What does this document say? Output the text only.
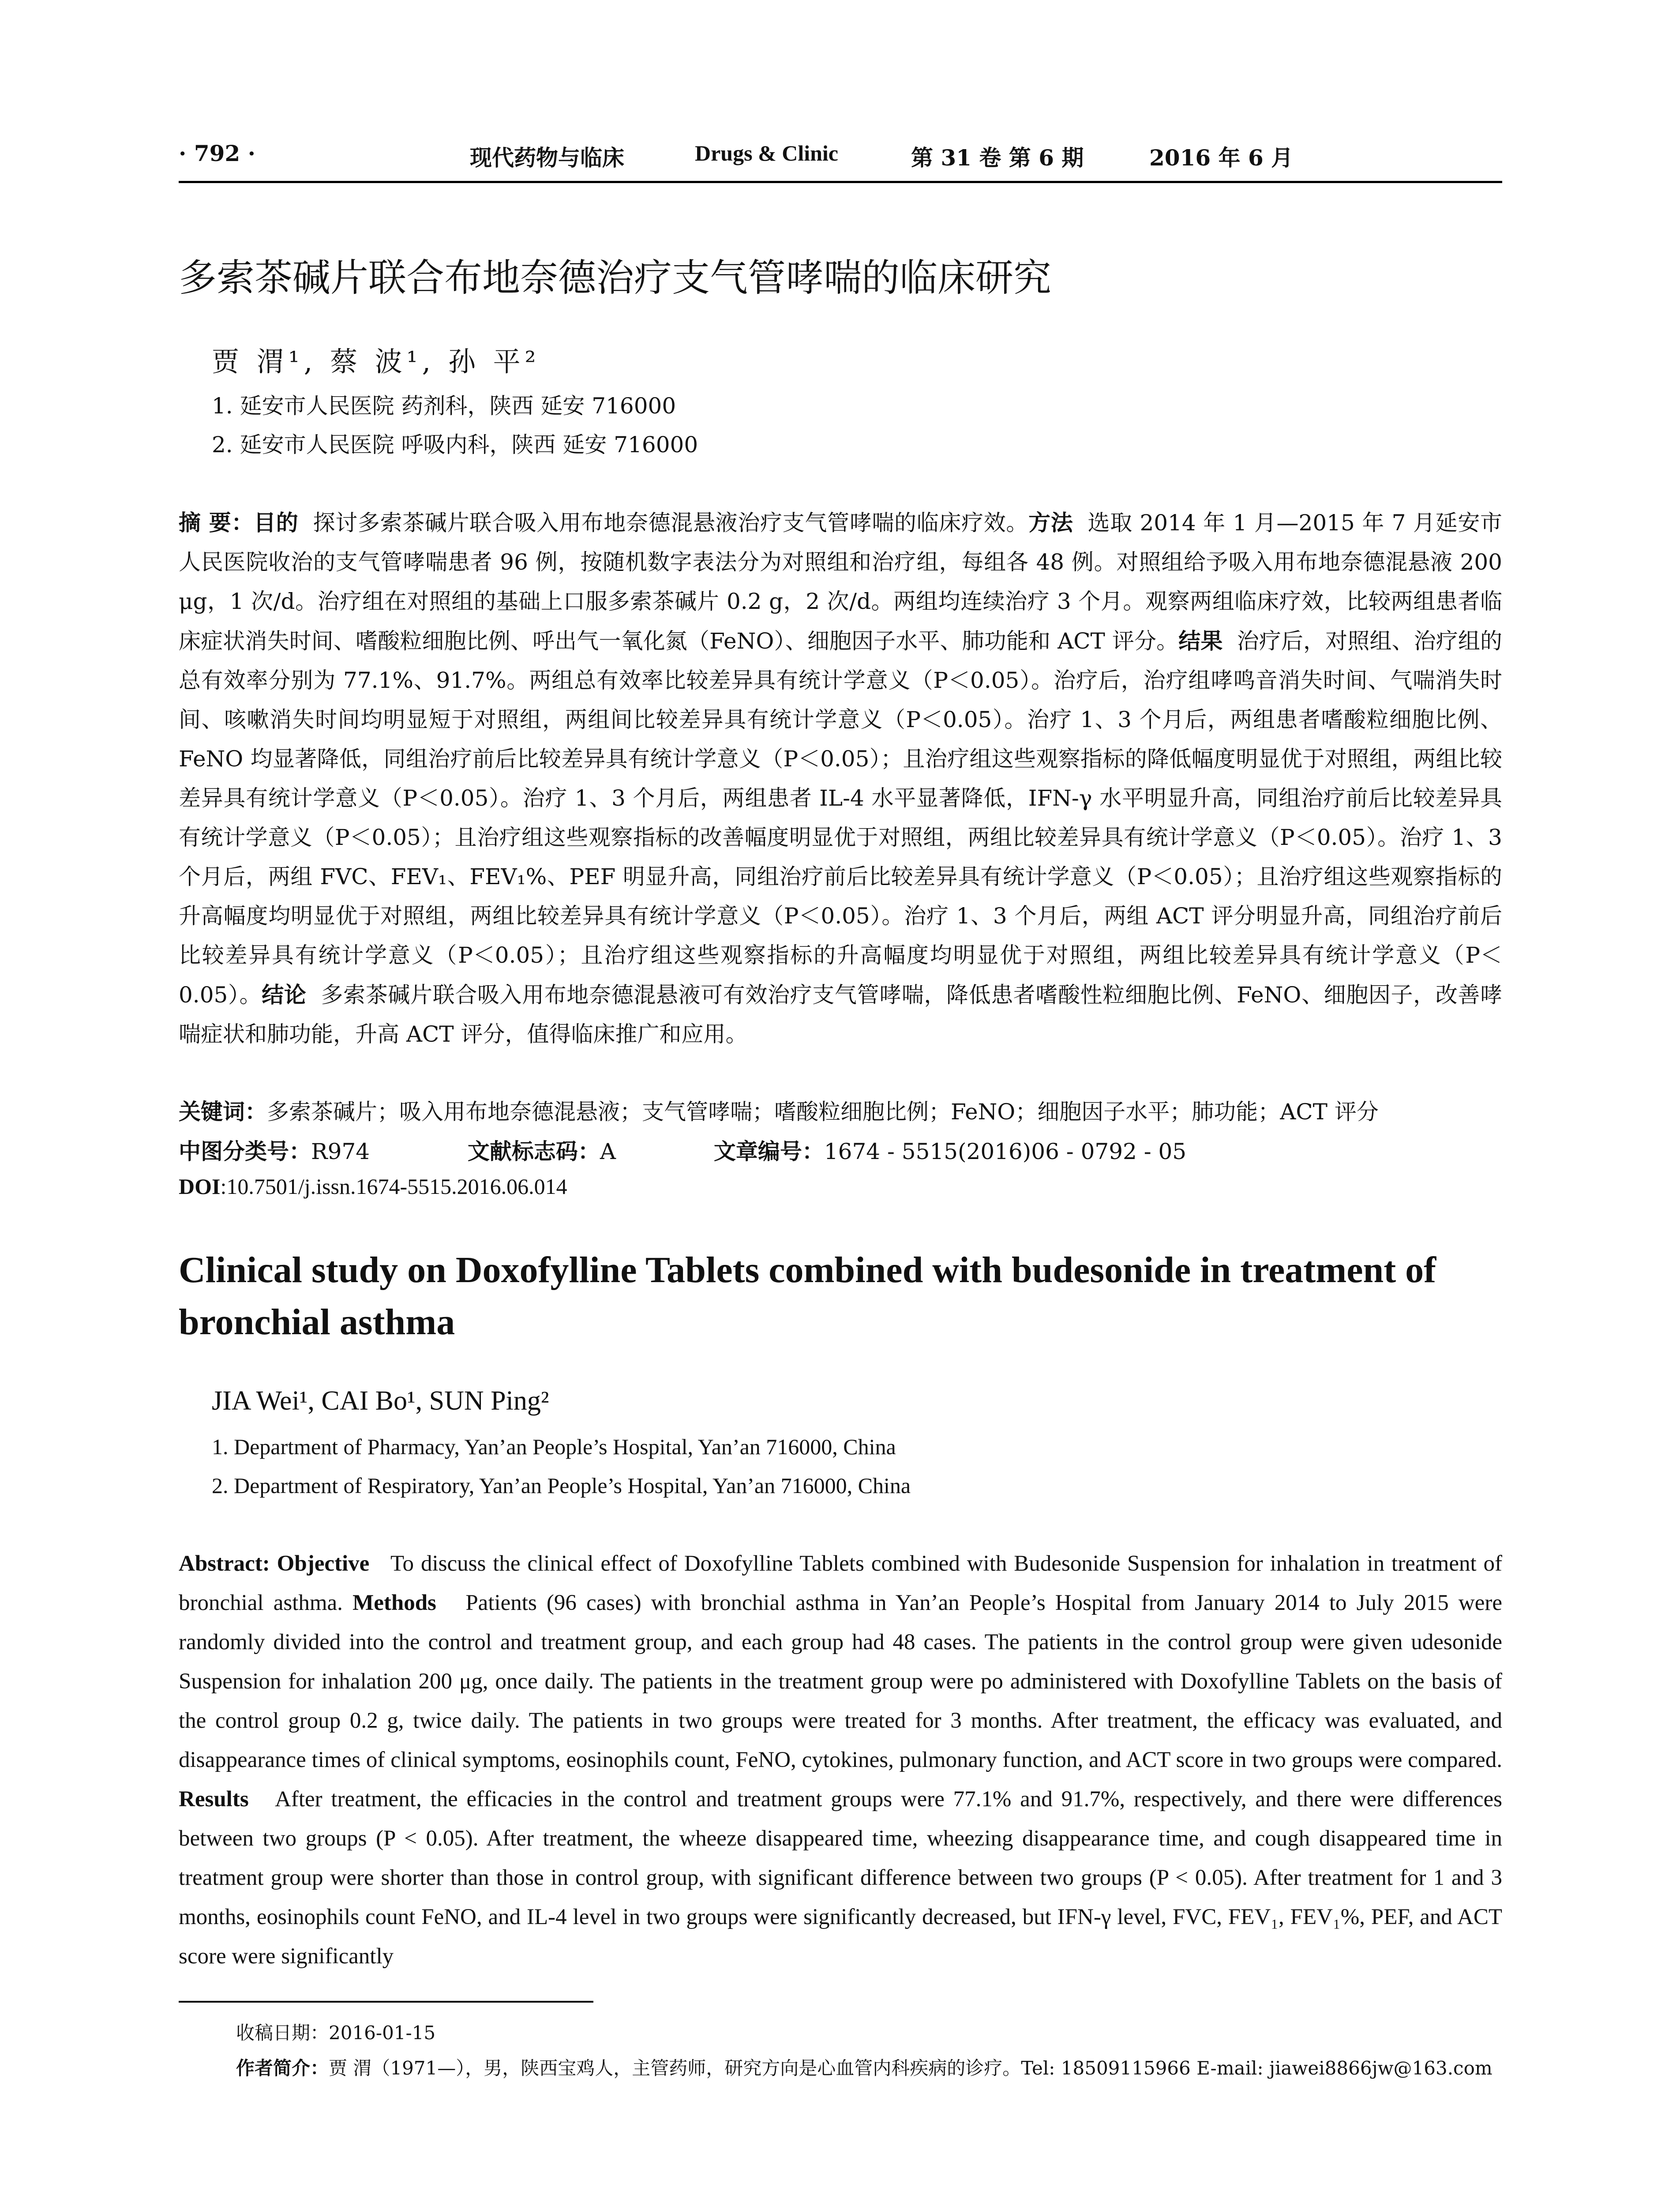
· 792 ·	现代药物与临床	Drugs & Clinic	第 31 卷 第 6 期	2016 年 6 月
多索茶碱片联合布地奈德治疗支气管哮喘的临床研究
贾 渭¹, 蔡 波¹, 孙 平²
1. 延安市人民医院 药剂科，陕西 延安 716000
2. 延安市人民医院 呼吸内科，陕西 延安 716000
摘 要：目的 探讨多索茶碱片联合吸入用布地奈德混悬液治疗支气管哮喘的临床疗效。方法 选取 2014 年 1 月—2015 年 7 月延安市人民医院收治的支气管哮喘患者 96 例，按随机数字表法分为对照组和治疗组，每组各 48 例。对照组给予吸入用布地奈德混悬液 200 μg，1 次/d。治疗组在对照组的基础上口服多索茶碱片 0.2 g，2 次/d。两组均连续治疗 3 个月。观察两组临床疗效，比较两组患者临床症状消失时间、嗜酸粒细胞比例、呼出气一氧化氮（FeNO）、细胞因子水平、肺功能和 ACT 评分。结果 治疗后，对照组、治疗组的总有效率分别为 77.1%、91.7%。两组总有效率比较差异具有统计学意义（P＜0.05）。治疗后，治疗组哮鸣音消失时间、气喘消失时间、咳嗽消失时间均明显短于对照组，两组间比较差异具有统计学意义（P＜0.05）。治疗 1、3 个月后，两组患者嗜酸粒细胞比例、FeNO 均显著降低，同组治疗前后比较差异具有统计学意义（P＜0.05）；且治疗组这些观察指标的降低幅度明显优于对照组，两组比较差异具有统计学意义（P＜0.05）。治疗 1、3 个月后，两组患者 IL-4 水平显著降低，IFN-γ 水平明显升高，同组治疗前后比较差异具有统计学意义（P＜0.05）；且治疗组这些观察指标的改善幅度明显优于对照组，两组比较差异具有统计学意义（P＜0.05）。治疗 1、3 个月后，两组 FVC、FEV₁、FEV₁%、PEF 明显升高，同组治疗前后比较差异具有统计学意义（P＜0.05）；且治疗组这些观察指标的升高幅度均明显优于对照组，两组比较差异具有统计学意义（P＜0.05）。治疗 1、3 个月后，两组 ACT 评分明显升高，同组治疗前后比较差异具有统计学意义（P＜0.05）；且治疗组这些观察指标的升高幅度均明显优于对照组，两组比较差异具有统计学意义（P＜0.05）。结论 多索茶碱片联合吸入用布地奈德混悬液可有效治疗支气管哮喘，降低患者嗜酸性粒细胞比例、FeNO、细胞因子，改善哮喘症状和肺功能，升高 ACT 评分，值得临床推广和应用。
关键词：多索茶碱片；吸入用布地奈德混悬液；支气管哮喘；嗜酸粒细胞比例；FeNO；细胞因子水平；肺功能；ACT 评分
中图分类号：R974	文献标志码：A	文章编号：1674 - 5515(2016)06 - 0792 - 05
DOI:10.7501/j.issn.1674-5515.2016.06.014
Clinical study on Doxofylline Tablets combined with budesonide in treatment of bronchial asthma
JIA Wei¹, CAI Bo¹, SUN Ping²
1. Department of Pharmacy, Yan’an People’s Hospital, Yan’an 716000, China
2. Department of Respiratory, Yan’an People’s Hospital, Yan’an 716000, China
Abstract: Objective To discuss the clinical effect of Doxofylline Tablets combined with Budesonide Suspension for inhalation in treatment of bronchial asthma. Methods Patients (96 cases) with bronchial asthma in Yan’an People’s Hospital from January 2014 to July 2015 were randomly divided into the control and treatment group, and each group had 48 cases. The patients in the control group were given udesonide Suspension for inhalation 200 μg, once daily. The patients in the treatment group were po administered with Doxofylline Tablets on the basis of the control group 0.2 g, twice daily. The patients in two groups were treated for 3 months. After treatment, the efficacy was evaluated, and disappearance times of clinical symptoms, eosinophils count, FeNO, cytokines, pulmonary function, and ACT score in two groups were compared. Results After treatment, the efficacies in the control and treatment groups were 77.1% and 91.7%, respectively, and there were differences between two groups (P < 0.05). After treatment, the wheeze disappeared time, wheezing disappearance time, and cough disappeared time in treatment group were shorter than those in control group, with significant difference between two groups (P < 0.05). After treatment for 1 and 3 months, eosinophils count FeNO, and IL-4 level in two groups were significantly decreased, but IFN-γ level, FVC, FEV₁, FEV₁%, PEF, and ACT score were significantly
收稿日期：2016-01-15
作者简介：贾 渭（1971—），男，陕西宝鸡人，主管药师，研究方向是心血管内科疾病的诊疗。Tel: 18509115966 E-mail: jiawei8866jw@163.com
